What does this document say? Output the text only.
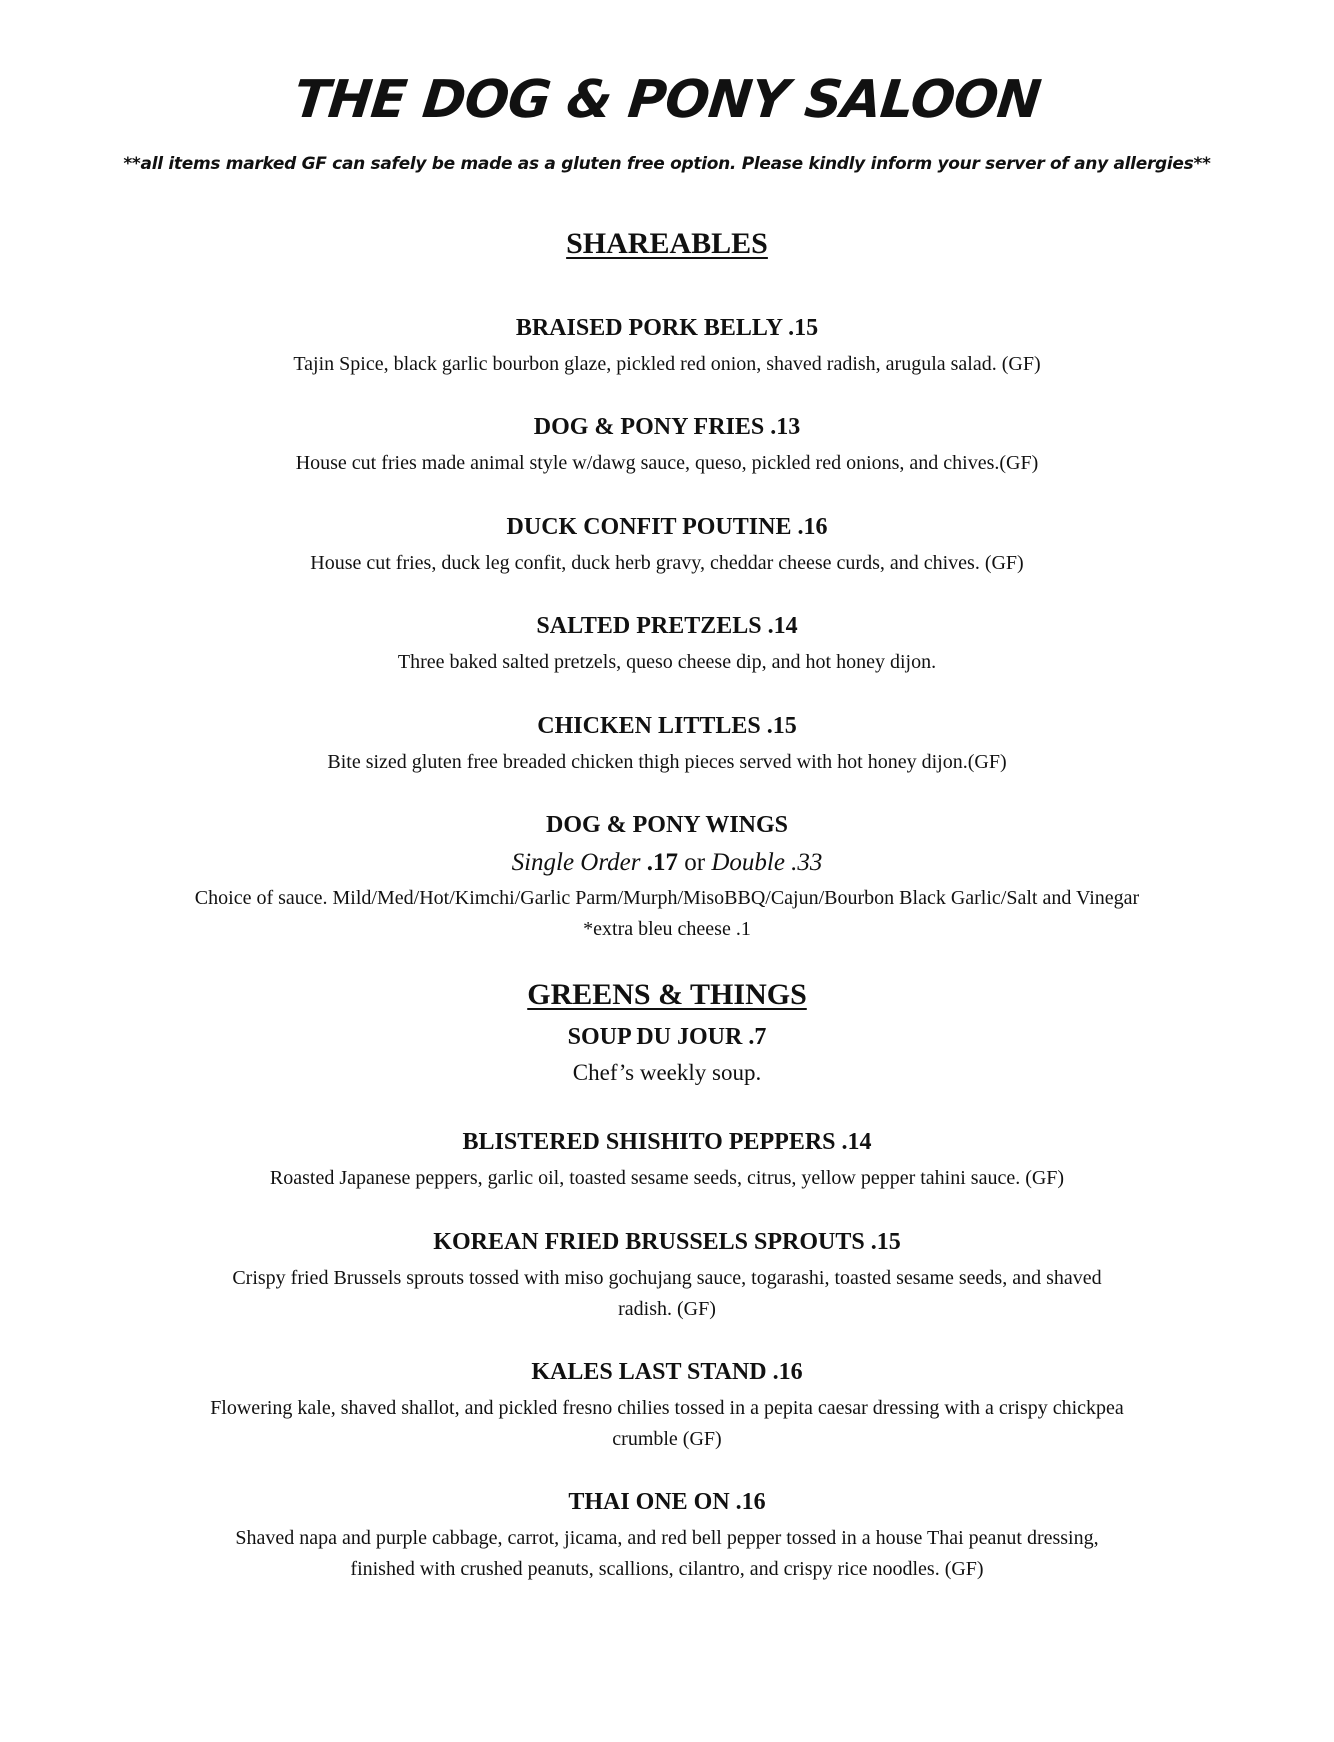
THE DOG & PONY SALOON
**all items marked GF can safely be made as a gluten free option. Please kindly inform your server of any allergies**
SHAREABLES
BRAISED PORK BELLY .15
Tajin Spice, black garlic bourbon glaze, pickled red onion, shaved radish, arugula salad. (GF)
DOG & PONY FRIES .13
House cut fries made animal style w/dawg sauce, queso, pickled red onions, and chives.(GF)
DUCK CONFIT POUTINE .16
House cut fries, duck leg confit, duck herb gravy, cheddar cheese curds, and chives. (GF)
SALTED PRETZELS .14
Three baked salted pretzels, queso cheese dip, and hot honey dijon.
CHICKEN LITTLES .15
Bite sized gluten free breaded chicken thigh pieces served with hot honey dijon.(GF)
DOG & PONY WINGS
Single Order .17 or Double .33
Choice of sauce. Mild/Med/Hot/Kimchi/Garlic Parm/Murph/MisoBBQ/Cajun/Bourbon Black Garlic/Salt and Vinegar
*extra bleu cheese .1
GREENS & THINGS
SOUP DU JOUR .7
Chef’s weekly soup.
BLISTERED SHISHITO PEPPERS .14
Roasted Japanese peppers, garlic oil, toasted sesame seeds, citrus, yellow pepper tahini sauce. (GF)
KOREAN FRIED BRUSSELS SPROUTS .15
Crispy fried Brussels sprouts tossed with miso gochujang sauce, togarashi, toasted sesame seeds, and shaved
radish. (GF)
KALES LAST STAND .16
Flowering kale, shaved shallot, and pickled fresno chilies tossed in a pepita caesar dressing with a crispy chickpea
crumble (GF)
THAI ONE ON .16
Shaved napa and purple cabbage, carrot, jicama, and red bell pepper tossed in a house Thai peanut dressing,
finished with crushed peanuts, scallions, cilantro, and crispy rice noodles. (GF)
